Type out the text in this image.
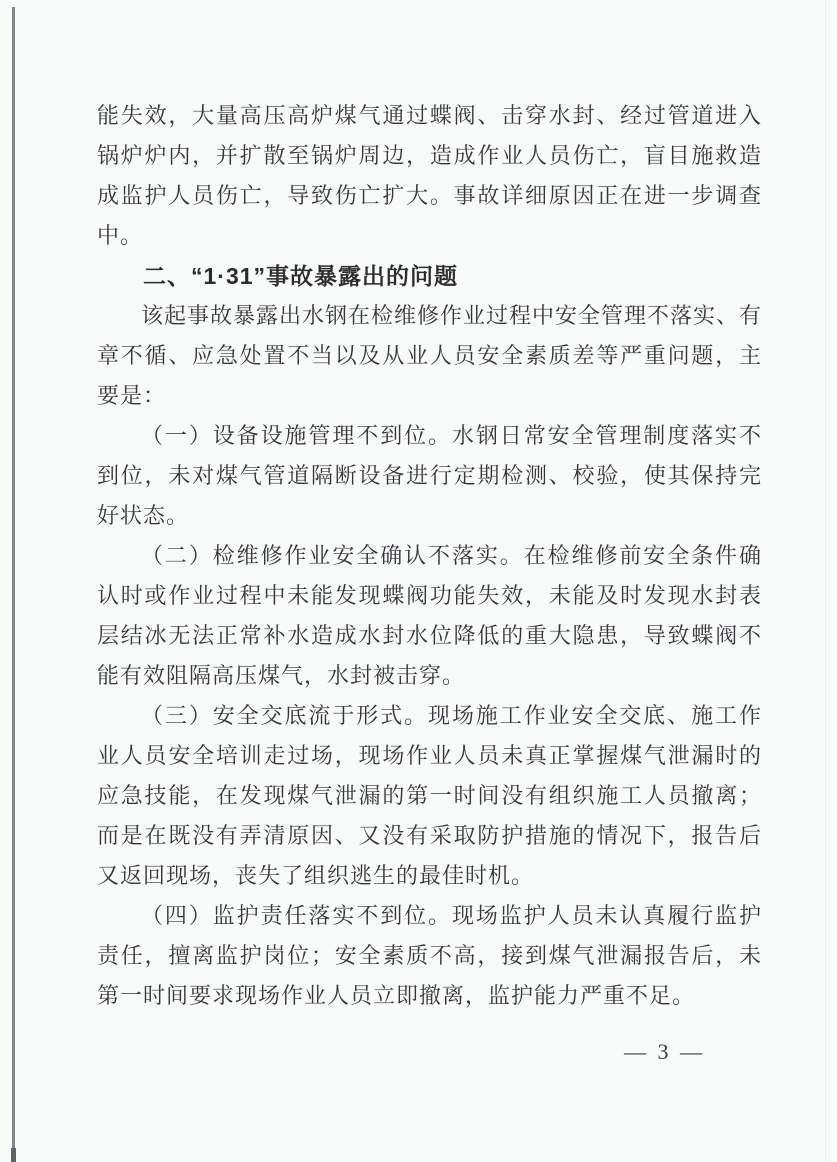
能失效，大量高压高炉煤气通过蝶阀、击穿水封、经过管道进入锅炉炉内，并扩散至锅炉周边，造成作业人员伤亡，盲目施救造成监护人员伤亡，导致伤亡扩大。事故详细原因正在进一步调查中。

二、“1·31”事故暴露出的问题

该起事故暴露出水钢在检维修作业过程中安全管理不落实、有章不循、应急处置不当以及从业人员安全素质差等严重问题，主要是：

（一）设备设施管理不到位。水钢日常安全管理制度落实不到位，未对煤气管道隔断设备进行定期检测、校验，使其保持完好状态。

（二）检维修作业安全确认不落实。在检维修前安全条件确认时或作业过程中未能发现蝶阀功能失效，未能及时发现水封表层结冰无法正常补水造成水封水位降低的重大隐患，导致蝶阀不能有效阻隔高压煤气，水封被击穿。

（三）安全交底流于形式。现场施工作业安全交底、施工作业人员安全培训走过场，现场作业人员未真正掌握煤气泄漏时的应急技能，在发现煤气泄漏的第一时间没有组织施工人员撤离；而是在既没有弄清原因、又没有采取防护措施的情况下，报告后又返回现场，丧失了组织逃生的最佳时机。

（四）监护责任落实不到位。现场监护人员未认真履行监护责任，擅离监护岗位；安全素质不高，接到煤气泄漏报告后，未第一时间要求现场作业人员立即撤离，监护能力严重不足。

— 3 —
